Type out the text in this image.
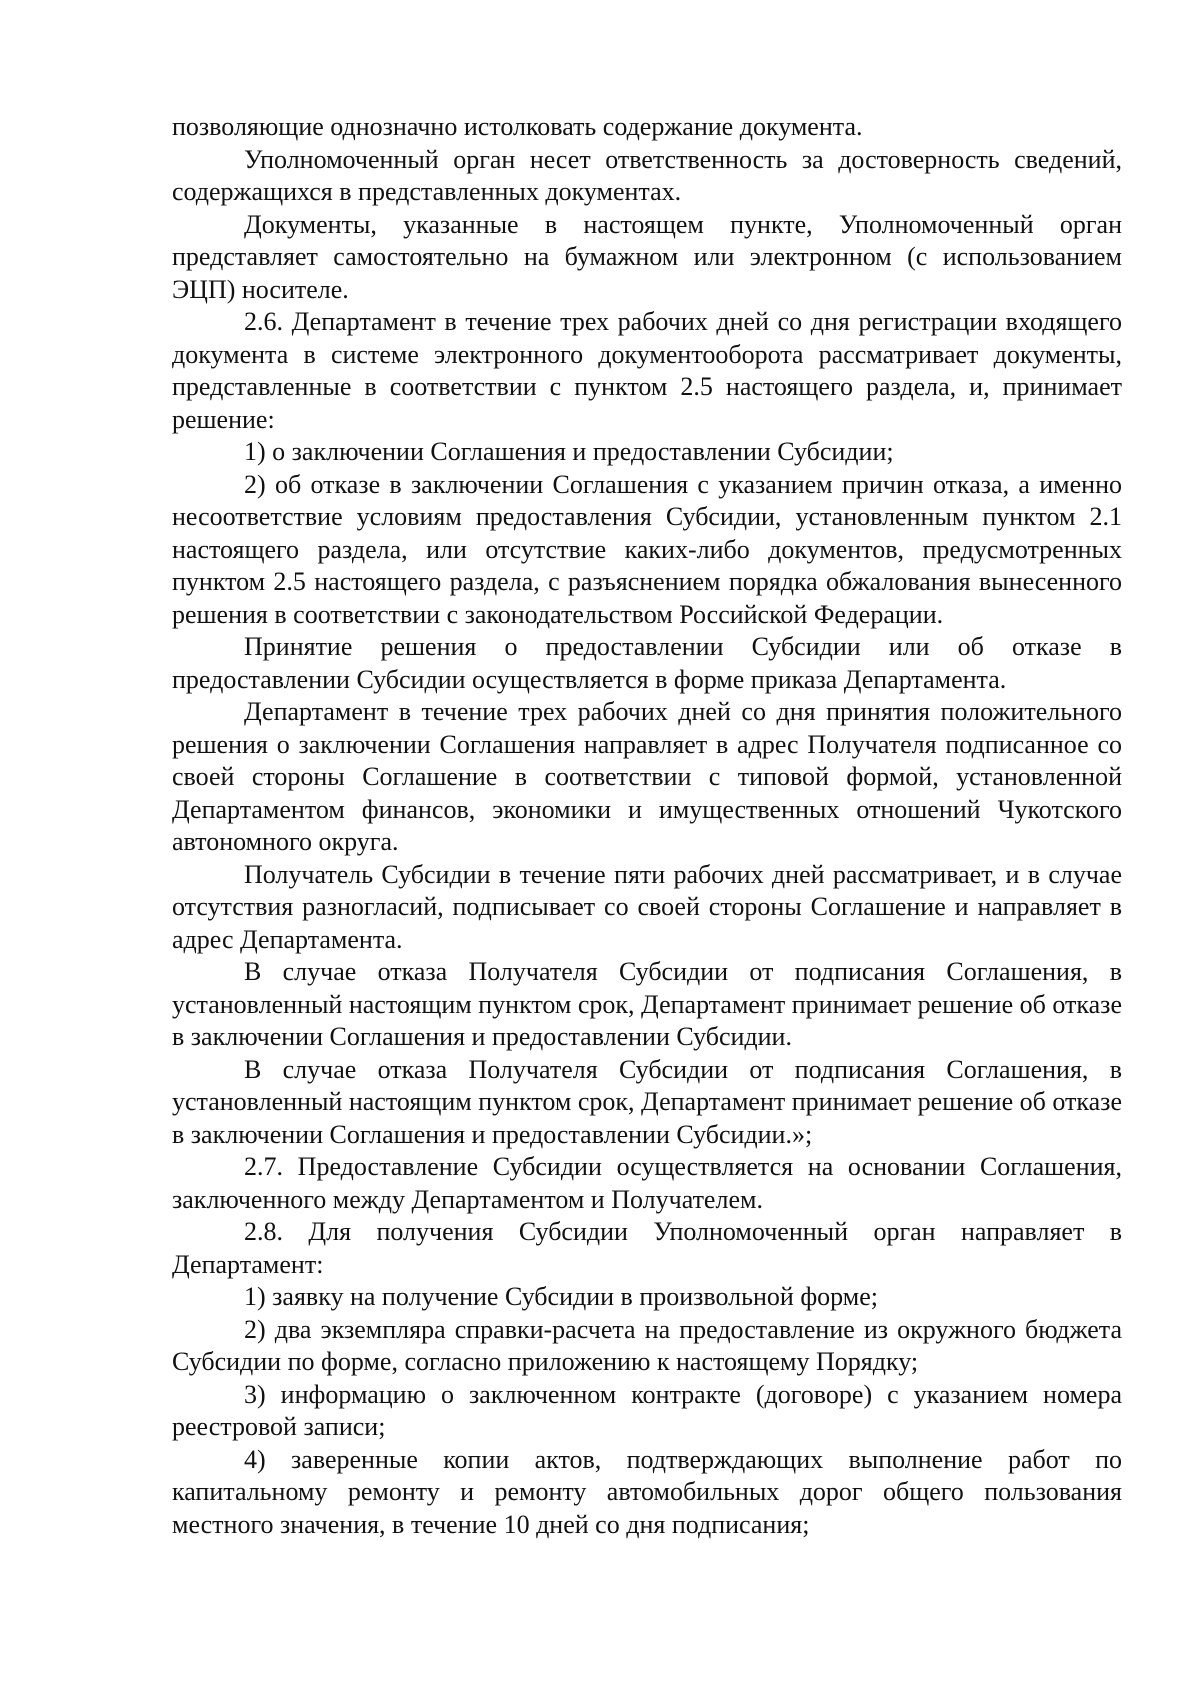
позволяющие однозначно истолковать содержание документа.

Уполномоченный орган несет ответственность за достоверность сведений, содержащихся в представленных документах.

Документы, указанные в настоящем пункте, Уполномоченный орган представляет самостоятельно на бумажном или электронном (с использованием ЭЦП) носителе.

2.6. Департамент в течение трех рабочих дней со дня регистрации входящего документа в системе электронного документооборота рассматривает документы, представленные в соответствии с пунктом 2.5 настоящего раздела, и, принимает решение:

1) о заключении Соглашения и предоставлении Субсидии;

2) об отказе в заключении Соглашения с указанием причин отказа, а именно несоответствие условиям предоставления Субсидии, установленным пунктом 2.1 настоящего раздела, или отсутствие каких-либо документов, предусмотренных пунктом 2.5 настоящего раздела, с разъяснением порядка обжалования вынесенного решения в соответствии с законодательством Российской Федерации.

Принятие решения о предоставлении Субсидии или об отказе в предоставлении Субсидии осуществляется в форме приказа Департамента.

Департамент в течение трех рабочих дней со дня принятия положительного решения о заключении Соглашения направляет в адрес Получателя подписанное со своей стороны Соглашение в соответствии с типовой формой, установленной Департаментом финансов, экономики и имущественных отношений Чукотского автономного округа.

Получатель Субсидии в течение пяти рабочих дней рассматривает, и в случае отсутствия разногласий, подписывает со своей стороны Соглашение и направляет в адрес Департамента.

В случае отказа Получателя Субсидии от подписания Соглашения, в установленный настоящим пунктом срок, Департамент принимает решение об отказе в заключении Соглашения и предоставлении Субсидии.

В случае отказа Получателя Субсидии от подписания Соглашения, в установленный настоящим пунктом срок, Департамент принимает решение об отказе в заключении Соглашения и предоставлении Субсидии.»;

2.7. Предоставление Субсидии осуществляется на основании Соглашения, заключенного между Департаментом и Получателем.

2.8. Для получения Субсидии Уполномоченный орган направляет в Департамент:

1) заявку на получение Субсидии в произвольной форме;

2) два экземпляра справки-расчета на предоставление из окружного бюджета Субсидии по форме, согласно приложению к настоящему Порядку;

3) информацию о заключенном контракте (договоре) с указанием номера реестровой записи;

4) заверенные копии актов, подтверждающих выполнение работ по капитальному ремонту и ремонту автомобильных дорог общего пользования местного значения, в течение 10 дней со дня подписания;
